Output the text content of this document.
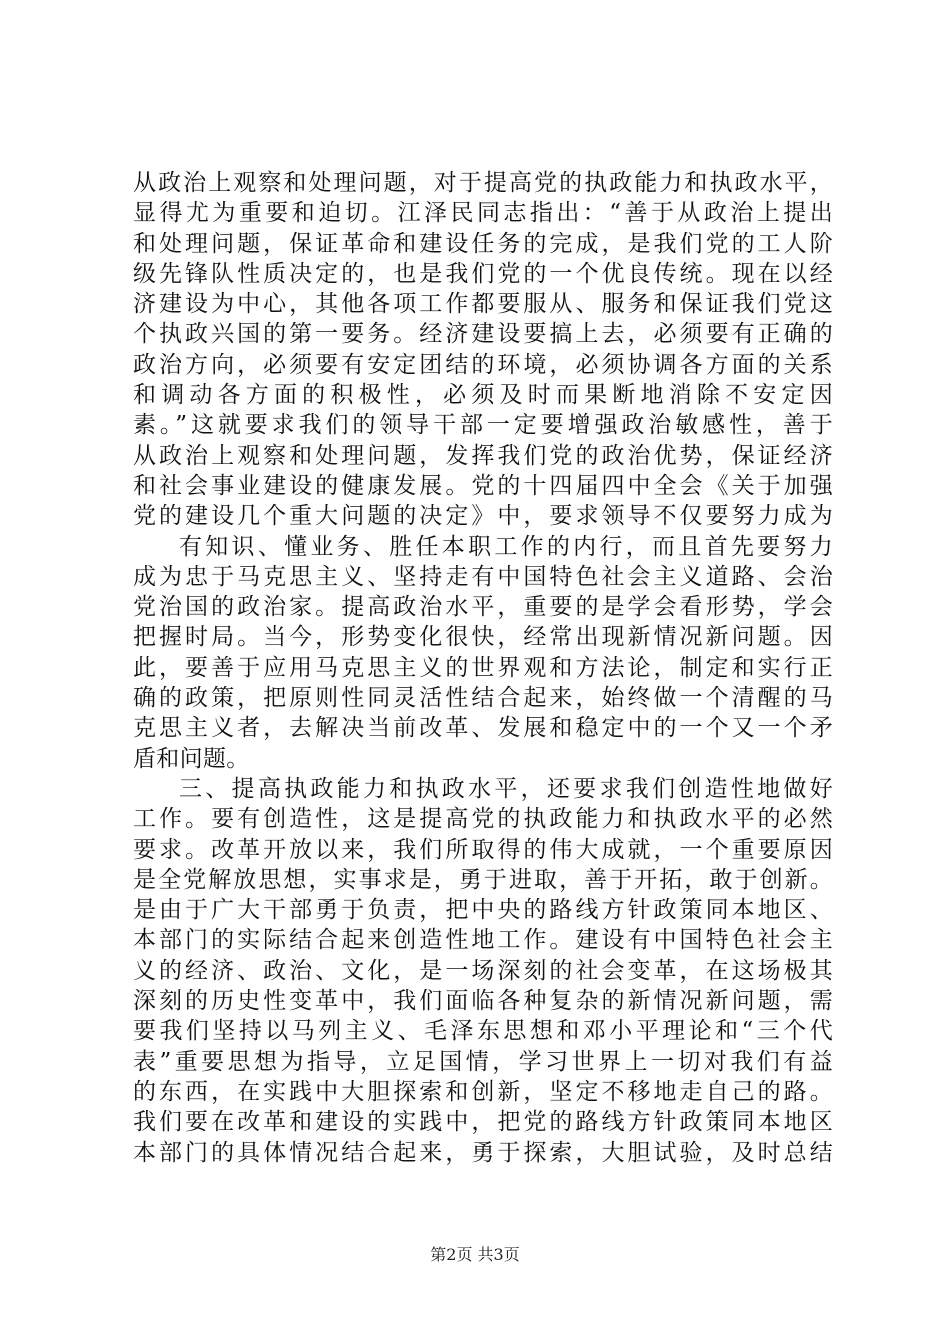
从政治上观察和处理问题，对于提高党的执政能力和执政水平，
显得尤为重要和迫切。江泽民同志指出：“善于从政治上提出
和处理问题，保证革命和建设任务的完成，是我们党的工人阶
级先锋队性质决定的，也是我们党的一个优良传统。现在以经
济建设为中心，其他各项工作都要服从、服务和保证我们党这
个执政兴国的第一要务。经济建设要搞上去，必须要有正确的
政治方向，必须要有安定团结的环境，必须协调各方面的关系
和调动各方面的积极性，必须及时而果断地消除不安定因
素。”这就要求我们的领导干部一定要增强政治敏感性，善于
从政治上观察和处理问题，发挥我们党的政治优势，保证经济
和社会事业建设的健康发展。党的十四届四中全会《关于加强
党的建设几个重大问题的决定》中，要求领导不仅要努力成为
有知识、懂业务、胜任本职工作的内行，而且首先要努力
成为忠于马克思主义、坚持走有中国特色社会主义道路、会治
党治国的政治家。提高政治水平，重要的是学会看形势，学会
把握时局。当今，形势变化很快，经常出现新情况新问题。因
此，要善于应用马克思主义的世界观和方法论，制定和实行正
确的政策，把原则性同灵活性结合起来，始终做一个清醒的马
克思主义者，去解决当前改革、发展和稳定中的一个又一个矛
盾和问题。
三、提高执政能力和执政水平，还要求我们创造性地做好
工作。要有创造性，这是提高党的执政能力和执政水平的必然
要求。改革开放以来，我们所取得的伟大成就，一个重要原因
是全党解放思想，实事求是，勇于进取，善于开拓，敢于创新。
是由于广大干部勇于负责，把中央的路线方针政策同本地区、
本部门的实际结合起来创造性地工作。建设有中国特色社会主
义的经济、政治、文化，是一场深刻的社会变革，在这场极其
深刻的历史性变革中，我们面临各种复杂的新情况新问题，需
要我们坚持以马列主义、毛泽东思想和邓小平理论和“三个代
表”重要思想为指导，立足国情，学习世界上一切对我们有益
的东西，在实践中大胆探索和创新，坚定不移地走自己的路。
我们要在改革和建设的实践中，把党的路线方针政策同本地区
本部门的具体情况结合起来，勇于探索，大胆试验，及时总结
第2页 共3页
